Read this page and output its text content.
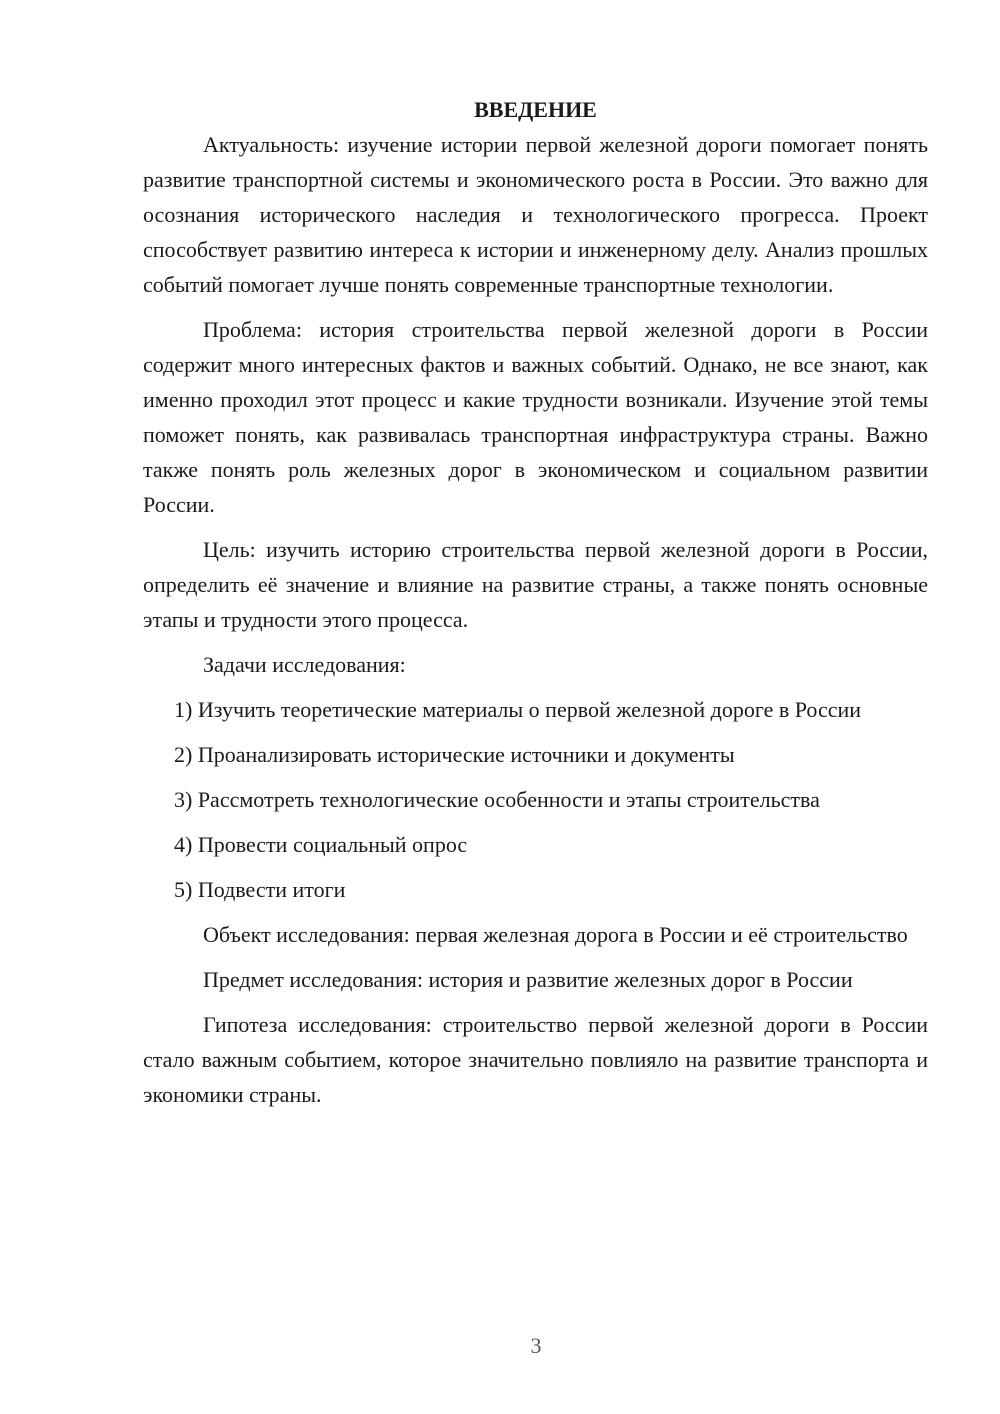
ВВЕДЕНИЕ

Актуальность: изучение истории первой железной дороги помогает понять развитие транспортной системы и экономического роста в России. Это важно для осознания исторического наследия и технологического прогресса. Проект способствует развитию интереса к истории и инженерному делу. Анализ прошлых событий помогает лучше понять современные транспортные технологии.

Проблема: история строительства первой железной дороги в России содержит много интересных фактов и важных событий. Однако, не все знают, как именно проходил этот процесс и какие трудности возникали. Изучение этой темы поможет понять, как развивалась транспортная инфраструктура страны. Важно также понять роль железных дорог в экономическом и социальном развитии России.

Цель: изучить историю строительства первой железной дороги в России, определить её значение и влияние на развитие страны, а также понять основные этапы и трудности этого процесса.

Задачи исследования:

1) Изучить теоретические материалы о первой железной дороге в России

2) Проанализировать исторические источники и документы

3) Рассмотреть технологические особенности и этапы строительства

4) Провести социальный опрос

5) Подвести итоги

Объект исследования: первая железная дорога в России и её строительство

Предмет исследования: история и развитие железных дорог в России

Гипотеза исследования: строительство первой железной дороги в России стало важным событием, которое значительно повлияло на развитие транспорта и экономики страны.

3
